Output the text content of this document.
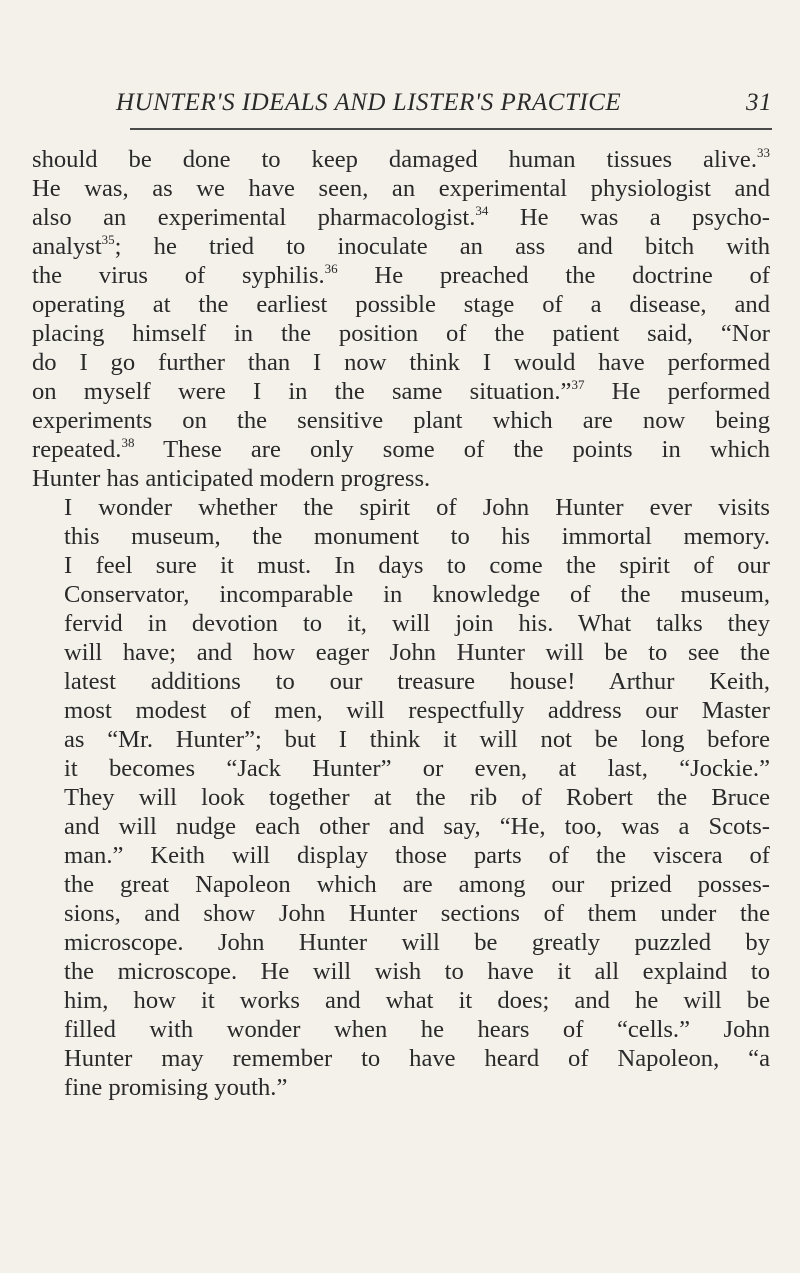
HUNTER'S IDEALS AND LISTER'S PRACTICE	31

should be done to keep damaged human tissues alive.$^{33}$
He was, as we have seen, an experimental physiologist and
also an experimental pharmacologist.$^{34}$ He was a psycho-
analyst$^{35}$; he tried to inoculate an ass and bitch with
the virus of syphilis.$^{36}$ He preached the doctrine of
operating at the earliest possible stage of a disease, and
placing himself in the position of the patient said, “Nor
do I go further than I now think I would have performed
on myself were I in the same situation.”$^{37}$ He performed
experiments on the sensitive plant which are now being
repeated.$^{38}$ These are only some of the points in which
Hunter has anticipated modern progress.

I wonder whether the spirit of John Hunter ever visits
this museum, the monument to his immortal memory.
I feel sure it must. In days to come the spirit of our
Conservator, incomparable in knowledge of the museum,
fervid in devotion to it, will join his. What talks they
will have; and how eager John Hunter will be to see the
latest additions to our treasure house! Arthur Keith,
most modest of men, will respectfully address our Master
as “Mr. Hunter”; but I think it will not be long before
it becomes “Jack Hunter” or even, at last, “Jockie.”
They will look together at the rib of Robert the Bruce
and will nudge each other and say, “He, too, was a Scots-
man.” Keith will display those parts of the viscera of
the great Napoleon which are among our prized posses-
sions, and show John Hunter sections of them under the
microscope. John Hunter will be greatly puzzled by
the microscope. He will wish to have it all explaind to
him, how it works and what it does; and he will be
filled with wonder when he hears of “cells.” John
Hunter may remember to have heard of Napoleon, “a
fine promising youth.”
